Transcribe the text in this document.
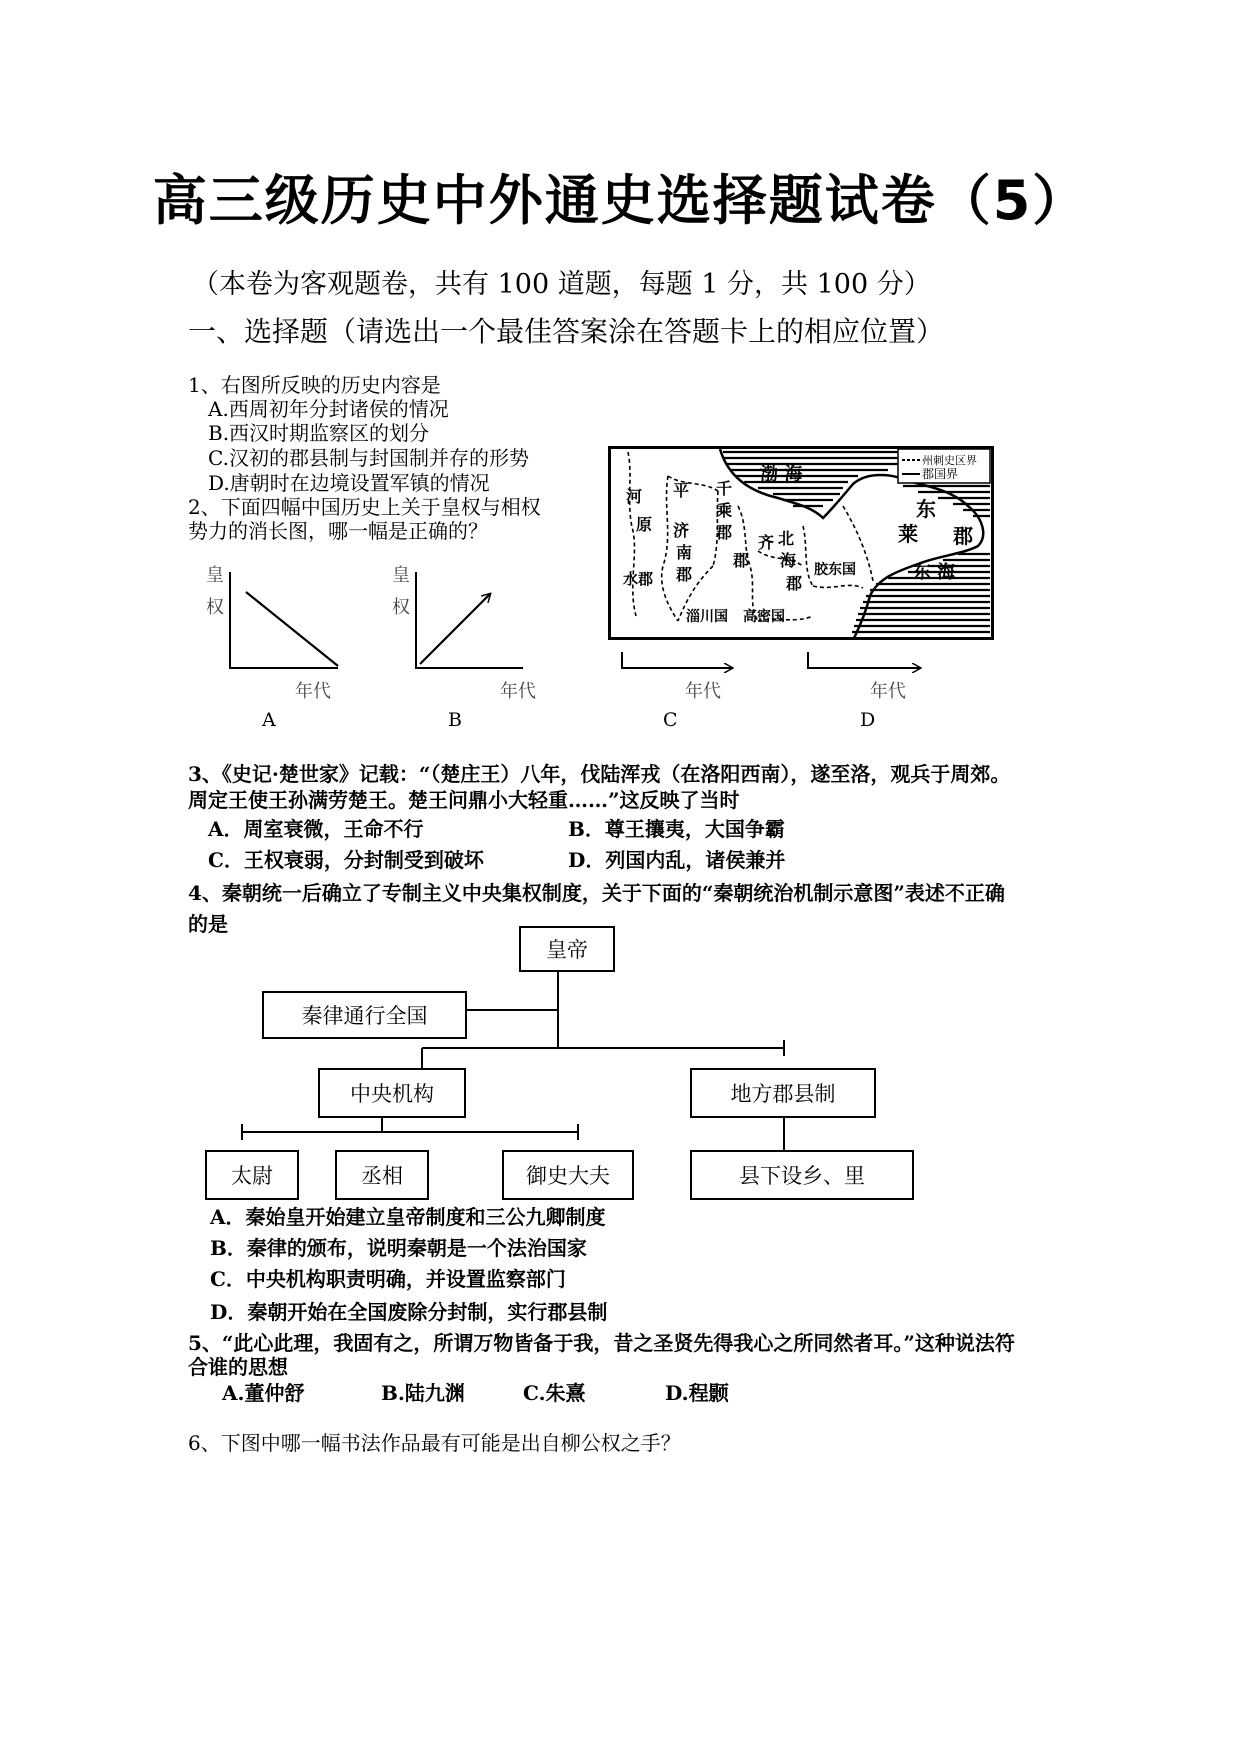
高三级历史中外通史选择题试卷（5）
（本卷为客观题卷，共有 100 道题，每题 1 分，共 100 分）
一、选择题（请选出一个最佳答案涂在答题卡上的相应位置）
1、右图所反映的历史内容是
A.西周初年分封诸侯的情况
B.西汉时期监察区的划分
C.汉初的郡县制与封国制并存的形势
D.唐朝时在边境设置军镇的情况
州刺史区界
郡国界
渤 海
东
东 海
莱 郡
河
原
平
水郡
济
南
郡
千
乘
郡
郡
齐 北
海
郡
胶东国
淄川国 高密国
2、下面四幅中国历史上关于皇权与相权
势力的消长图，哪一幅是正确的？
皇
权
年代
A
皇
权
年代
B
年代
C
年代
D
3、《史记·楚世家》记载：“（楚庄王）八年，伐陆浑戎（在洛阳西南），遂至洛，观兵于周郊。
周定王使王孙满劳楚王。楚王问鼎小大轻重……”这反映了当时
A．周室衰微，王命不行	B．尊王攘夷，大国争霸
C．王权衰弱，分封制受到破坏	D．列国内乱，诸侯兼并
4、秦朝统一后确立了专制主义中央集权制度，关于下面的“秦朝统治机制示意图”表述不正确
的是
皇帝
秦律通行全国
中央机构	地方郡县制
太尉	丞相	御史大夫	县下设乡、里
A．秦始皇开始建立皇帝制度和三公九卿制度
B．秦律的颁布，说明秦朝是一个法治国家
C．中央机构职责明确，并设置监察部门
D．秦朝开始在全国废除分封制，实行郡县制
5、“此心此理，我固有之，所谓万物皆备于我，昔之圣贤先得我心之所同然者耳。”这种说法符
合谁的思想
A.董仲舒	B.陆九渊	C.朱熹	D.程颢
6、下图中哪一幅书法作品最有可能是出自柳公权之手？
